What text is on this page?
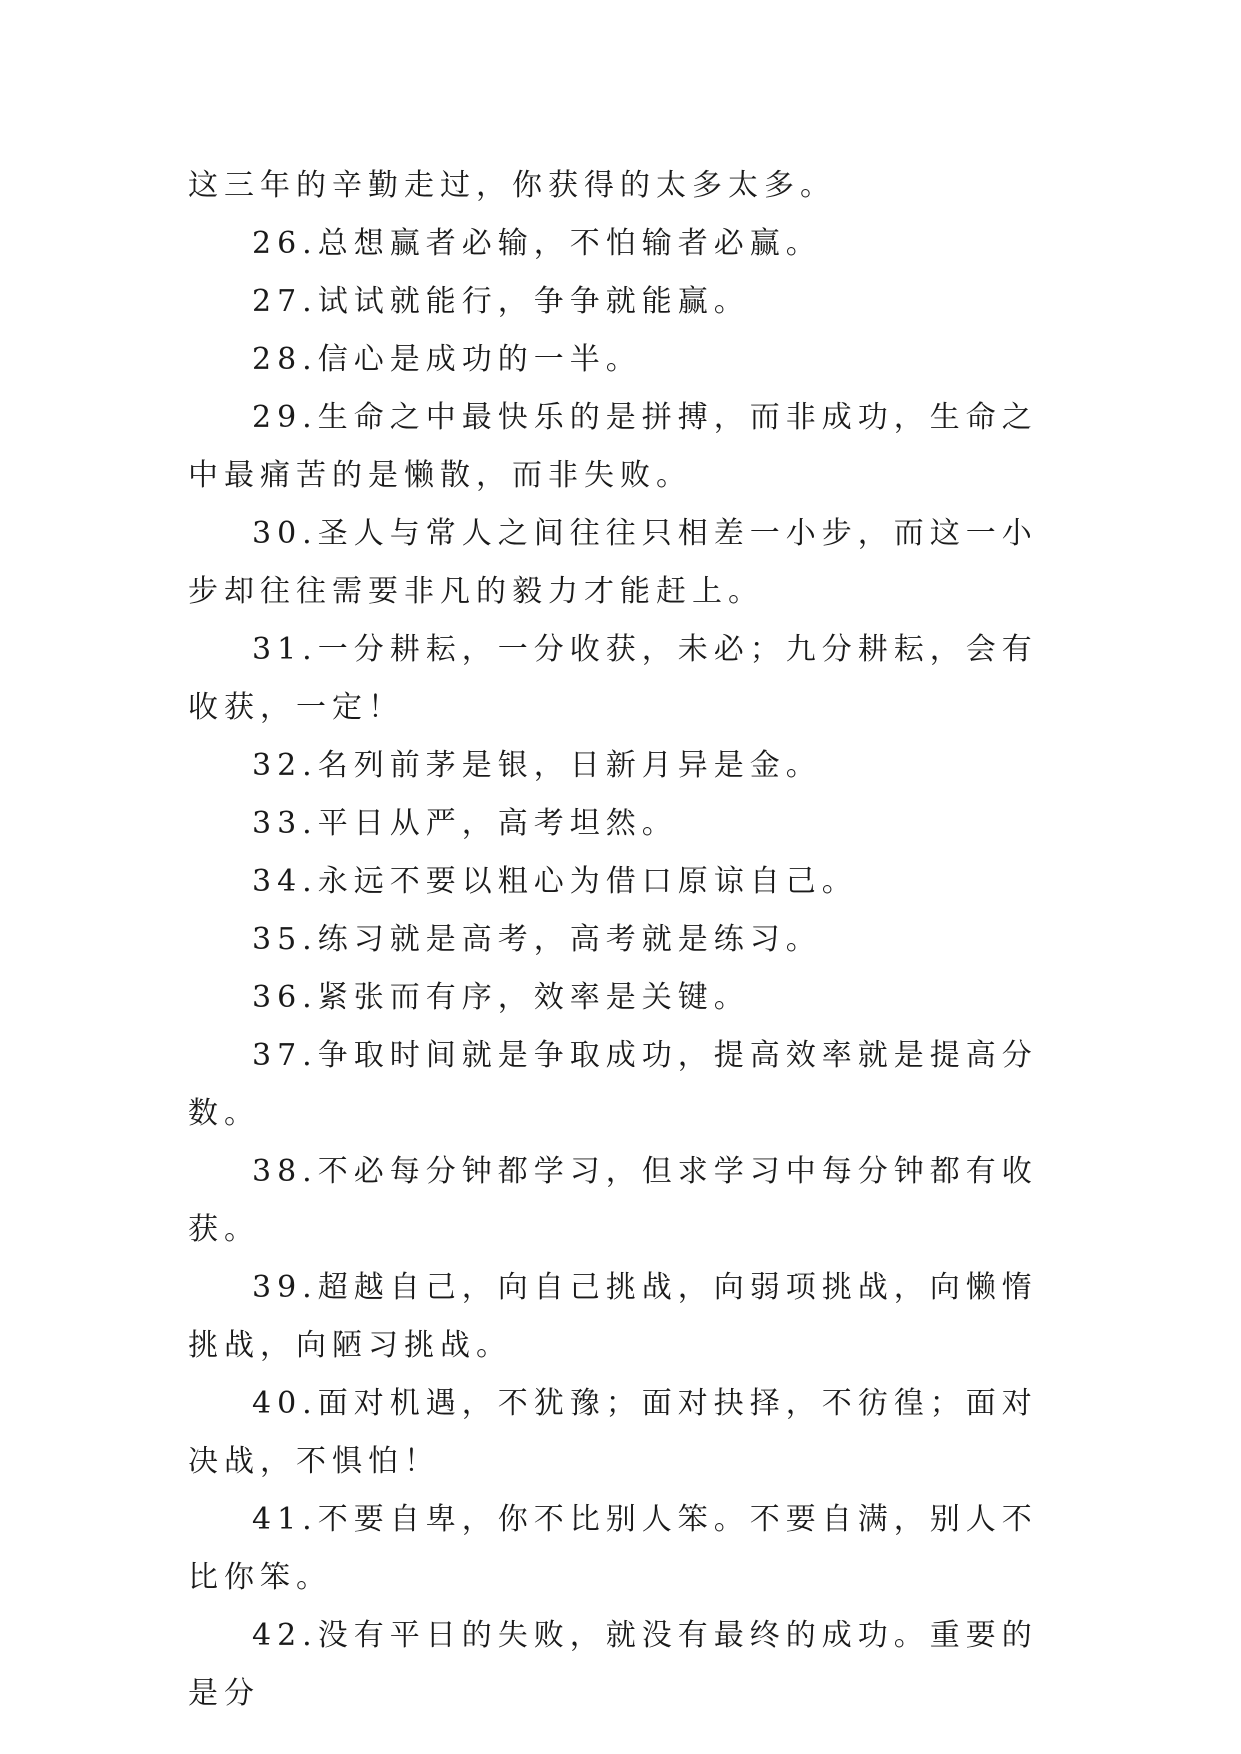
这三年的辛勤走过，你获得的太多太多。

26.总想赢者必输，不怕输者必赢。

27.试试就能行，争争就能赢。

28.信心是成功的一半。

29.生命之中最快乐的是拼搏，而非成功，生命之中最痛苦的是懒散，而非失败。

30.圣人与常人之间往往只相差一小步，而这一小步却往往需要非凡的毅力才能赶上。

31.一分耕耘，一分收获，未必；九分耕耘，会有收获，一定！

32.名列前茅是银，日新月异是金。

33.平日从严，高考坦然。

34.永远不要以粗心为借口原谅自己。

35.练习就是高考，高考就是练习。

36.紧张而有序，效率是关键。

37.争取时间就是争取成功，提高效率就是提高分数。

38.不必每分钟都学习，但求学习中每分钟都有收获。

39.超越自己，向自己挑战，向弱项挑战，向懒惰挑战，向陋习挑战。

40.面对机遇，不犹豫；面对抉择，不彷徨；面对决战，不惧怕！

41.不要自卑，你不比别人笨。不要自满，别人不比你笨。

42.没有平日的失败，就没有最终的成功。重要的是分
